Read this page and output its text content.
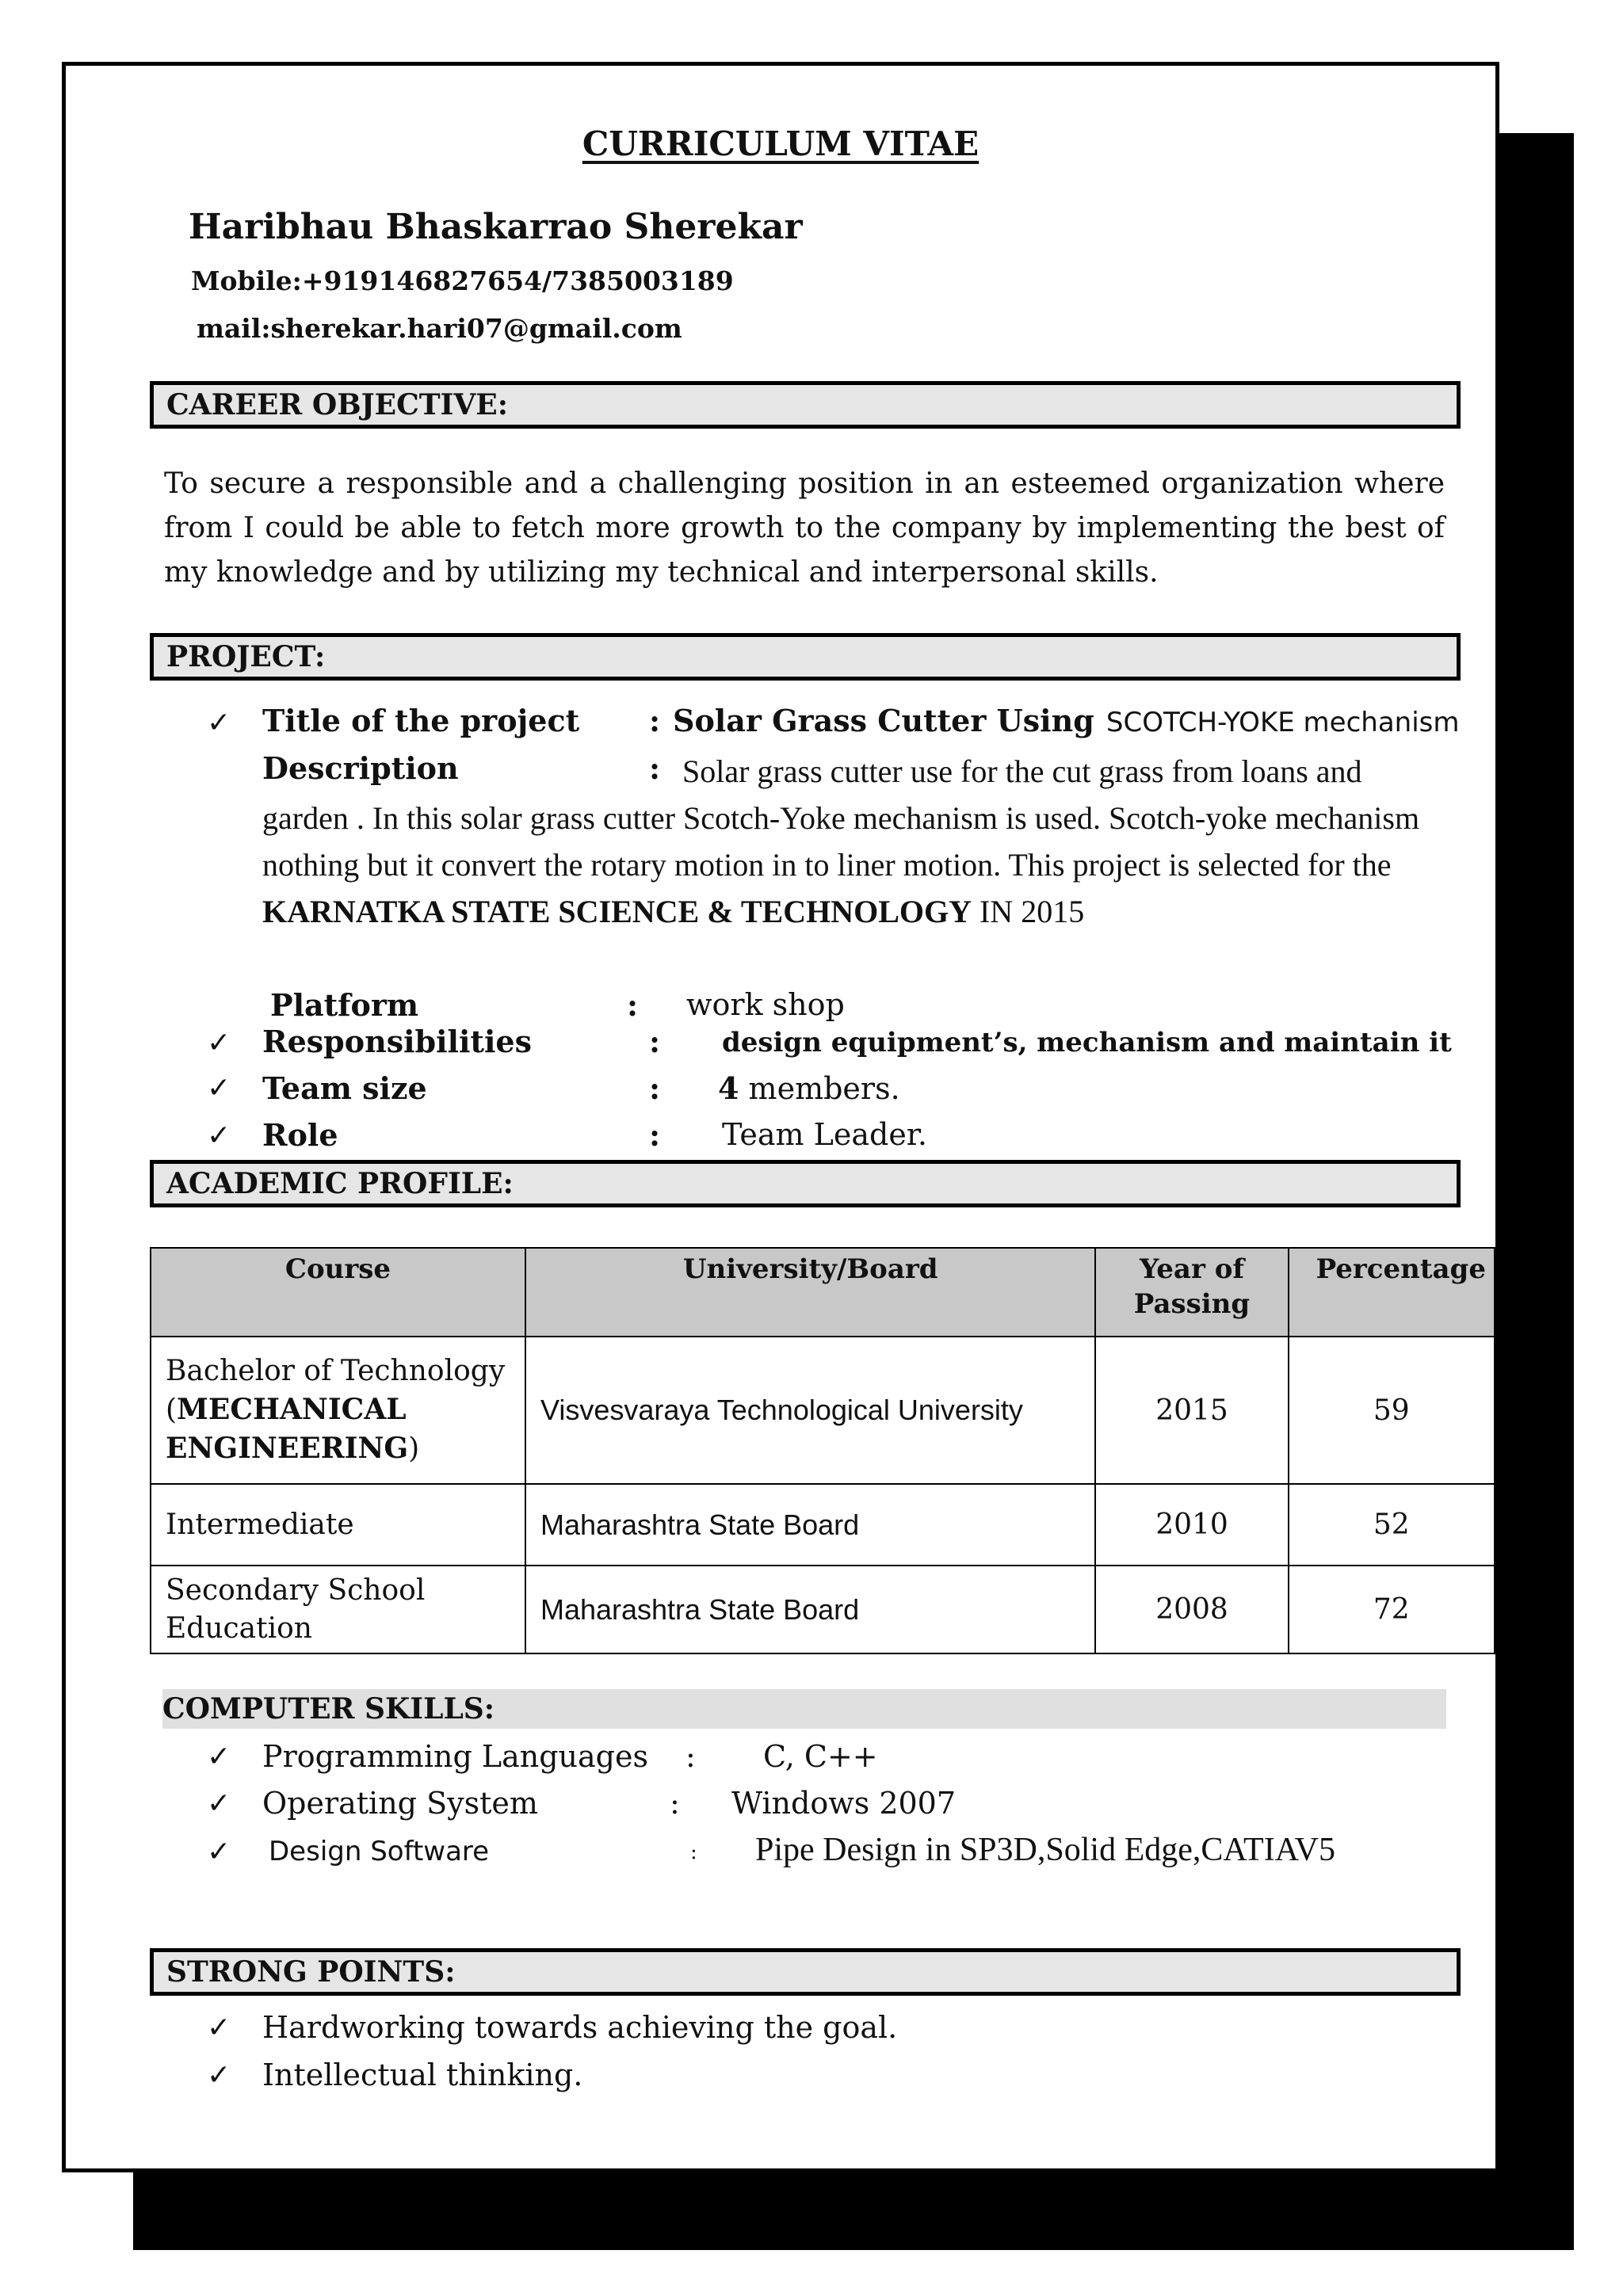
CURRICULUM VITAE
Haribhau Bhaskarrao Sherekar
Mobile:+919146827654/7385003189
mail:sherekar.hari07@gmail.com
CAREER OBJECTIVE:
To secure a responsible and a challenging position in an esteemed organization where from I could be able to fetch more growth to the company by implementing the best of my knowledge and by utilizing my technical and interpersonal skills.
PROJECT:
✓ Title of the project : Solar Grass Cutter Using SCOTCH-YOKE mechanism
Description	: Solar grass cutter use for the cut grass from loans and garden . In this solar grass cutter Scotch-Yoke mechanism is used. Scotch-yoke mechanism nothing but it convert the rotary motion in to liner motion. This project is selected for the KARNATKA STATE SCIENCE & TECHNOLOGY IN 2015
Platform	: work shop
✓ Responsibilities	: design equipment’s, mechanism and maintain it
✓ Team size	: 4 members.
✓ Role	: Team Leader.
ACADEMIC PROFILE:
Course	University/Board	Year of Passing	Percentage
Bachelor of Technology
(MECHANICAL ENGINEERING)	Visvesvaraya Technological University	2015	59
Intermediate	Maharashtra State Board	2010	52
Secondary School Education	Maharashtra State Board	2008	72
COMPUTER SKILLS:
✓ Programming Languages : C, C++
✓ Operating System	: Windows 2007
✓ Design Software	: Pipe Design in SP3D,Solid Edge,CATIAV5
STRONG POINTS:
✓ Hardworking towards achieving the goal.
✓ Intellectual thinking.
